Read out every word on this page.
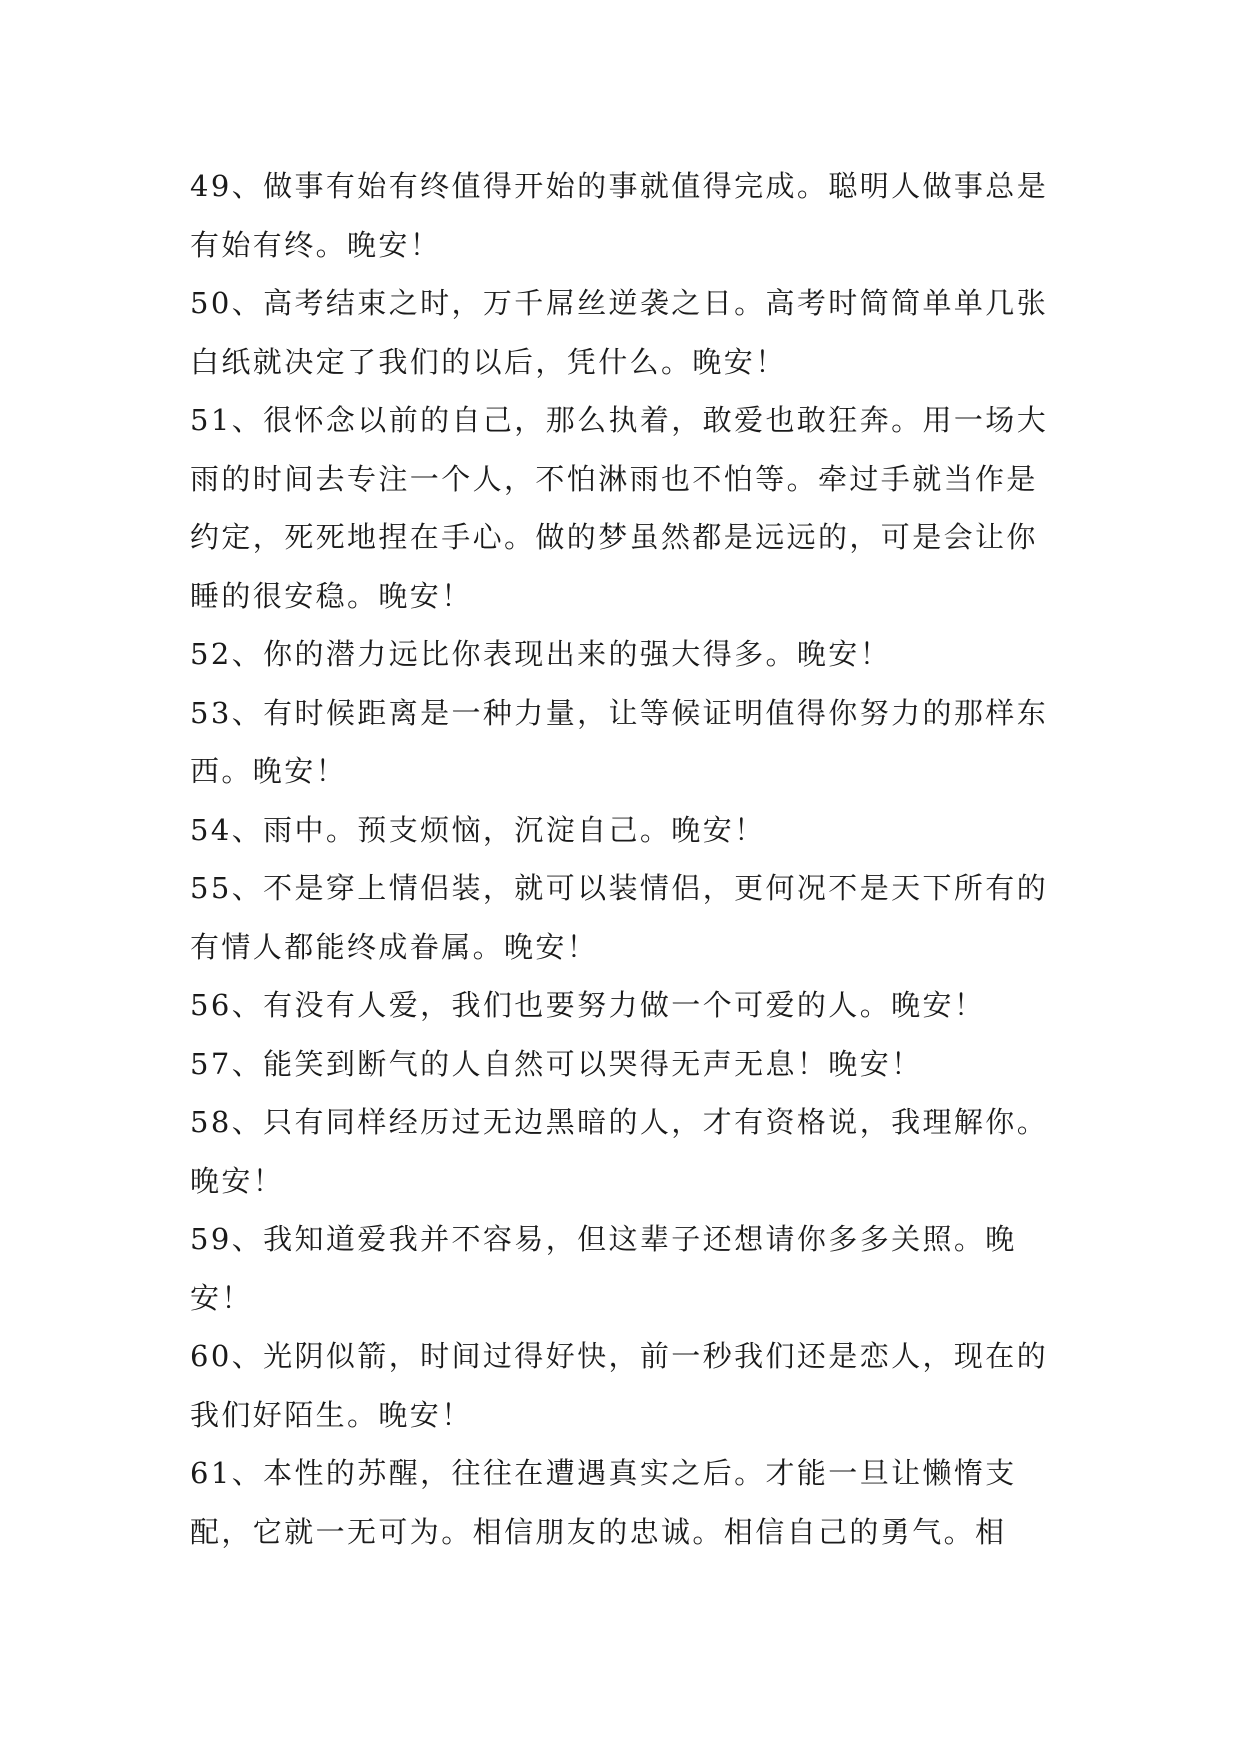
49、做事有始有终值得开始的事就值得完成。聪明人做事总是有始有终。晚安！

50、高考结束之时，万千屌丝逆袭之日。高考时简简单单几张白纸就决定了我们的以后，凭什么。晚安！

51、很怀念以前的自己，那么执着，敢爱也敢狂奔。用一场大雨的时间去专注一个人，不怕淋雨也不怕等。牵过手就当作是约定，死死地捏在手心。做的梦虽然都是远远的，可是会让你睡的很安稳。晚安！

52、你的潜力远比你表现出来的强大得多。晚安！

53、有时候距离是一种力量，让等候证明值得你努力的那样东西。晚安！

54、雨中。预支烦恼，沉淀自己。晚安！

55、不是穿上情侣装，就可以装情侣，更何况不是天下所有的有情人都能终成眷属。晚安！

56、有没有人爱，我们也要努力做一个可爱的人。晚安！

57、能笑到断气的人自然可以哭得无声无息！晚安！

58、只有同样经历过无边黑暗的人，才有资格说，我理解你。晚安！

59、我知道爱我并不容易，但这辈子还想请你多多关照。晚安！

60、光阴似箭，时间过得好快，前一秒我们还是恋人，现在的我们好陌生。晚安！

61、本性的苏醒，往往在遭遇真实之后。才能一旦让懒惰支配，它就一无可为。相信朋友的忠诚。相信自己的勇气。相
